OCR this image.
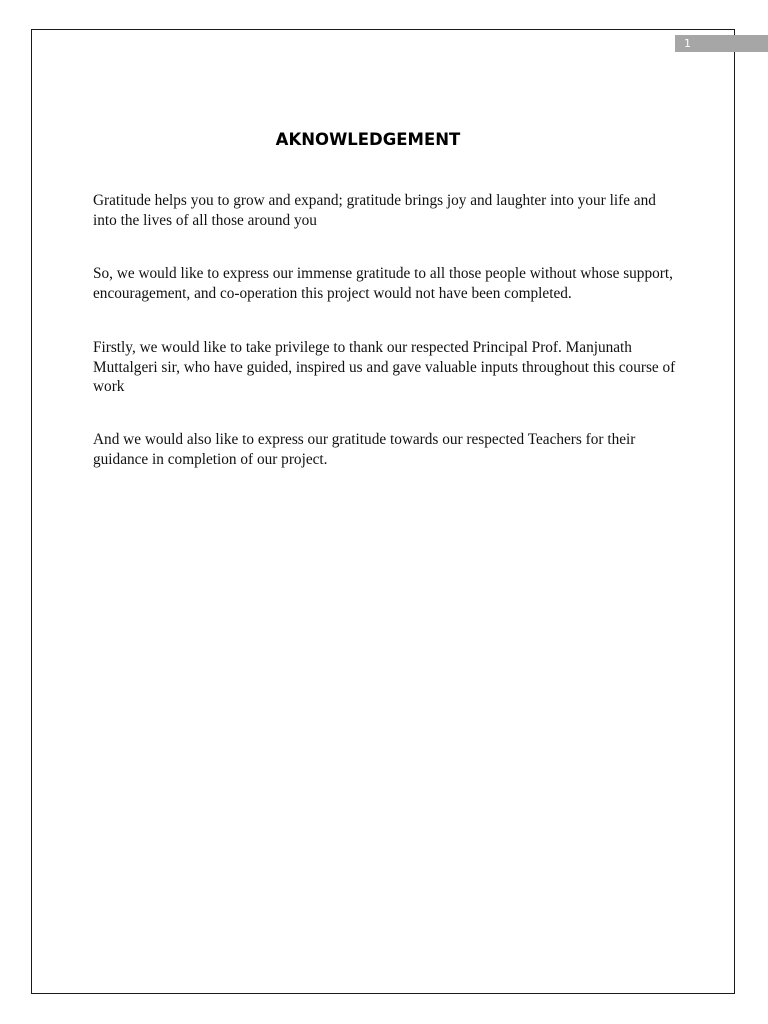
1
AKNOWLEDGEMENT

Gratitude helps you to grow and expand; gratitude brings joy and laughter into your life and into the lives of all those around you

So, we would like to express our immense gratitude to all those people without whose support, encouragement, and co-operation this project would not have been completed.

Firstly, we would like to take privilege to thank our respected Principal Prof. Manjunath Muttalgeri sir, who have guided, inspired us and gave valuable inputs throughout this course of work

And we would also like to express our gratitude towards our respected Teachers for their guidance in completion of our project.
